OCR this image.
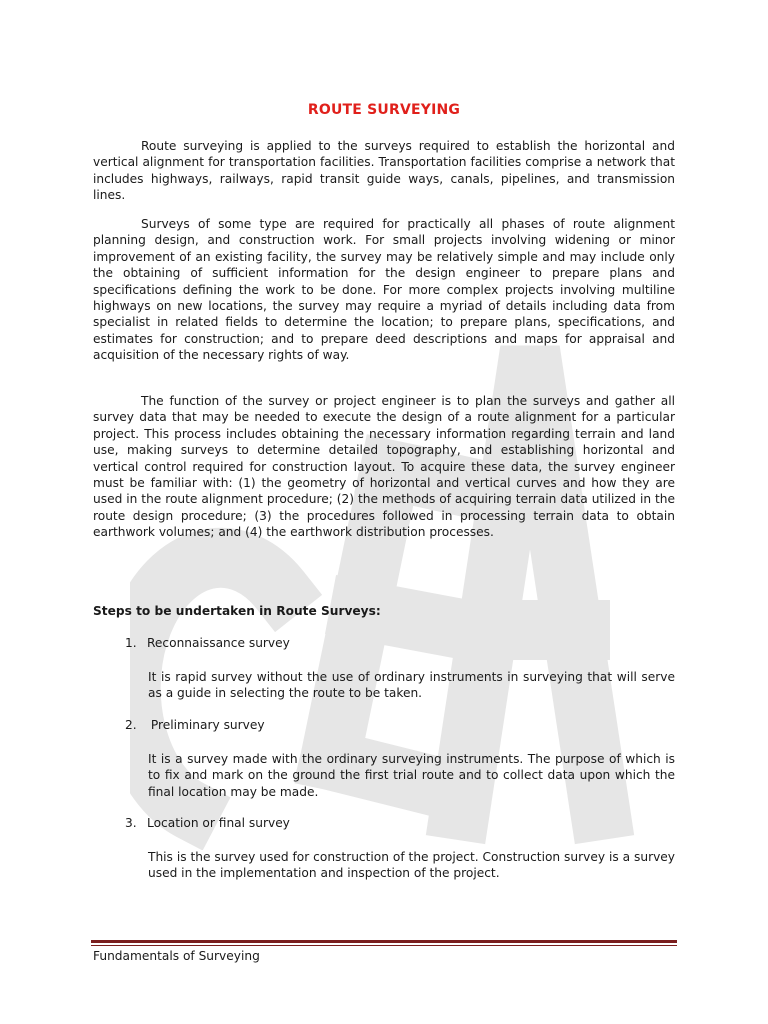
ROUTE SURVEYING

Route surveying is applied to the surveys required to establish the horizontal and vertical alignment for transportation facilities. Transportation facilities comprise a network that includes highways, railways, rapid transit guide ways, canals, pipelines, and transmission lines.

Surveys of some type are required for practically all phases of route alignment planning design, and construction work. For small projects involving widening or minor improvement of an existing facility, the survey may be relatively simple and may include only the obtaining of sufficient information for the design engineer to prepare plans and specifications defining the work to be done. For more complex projects involving multiline highways on new locations, the survey may require a myriad of details including data from specialist in related fields to determine the location; to prepare plans, specifications, and estimates for construction; and to prepare deed descriptions and maps for appraisal and acquisition of the necessary rights of way.

The function of the survey or project engineer is to plan the surveys and gather all survey data that may be needed to execute the design of a route alignment for a particular project. This process includes obtaining the necessary information regarding terrain and land use, making surveys to determine detailed topography, and establishing horizontal and vertical control required for construction layout. To acquire these data, the survey engineer must be familiar with: (1) the geometry of horizontal and vertical curves and how they are used in the route alignment procedure; (2) the methods of acquiring terrain data utilized in the route design procedure; (3) the procedures followed in processing terrain data to obtain earthwork volumes; and (4) the earthwork distribution processes.

Steps to be undertaken in Route Surveys:

1. Reconnaissance survey

It is rapid survey without the use of ordinary instruments in surveying that will serve as a guide in selecting the route to be taken.

2. Preliminary survey

It is a survey made with the ordinary surveying instruments. The purpose of which is to fix and mark on the ground the first trial route and to collect data upon which the final location may be made.

3. Location or final survey

This is the survey used for construction of the project. Construction survey is a survey used in the implementation and inspection of the project.

Fundamentals of Surveying
